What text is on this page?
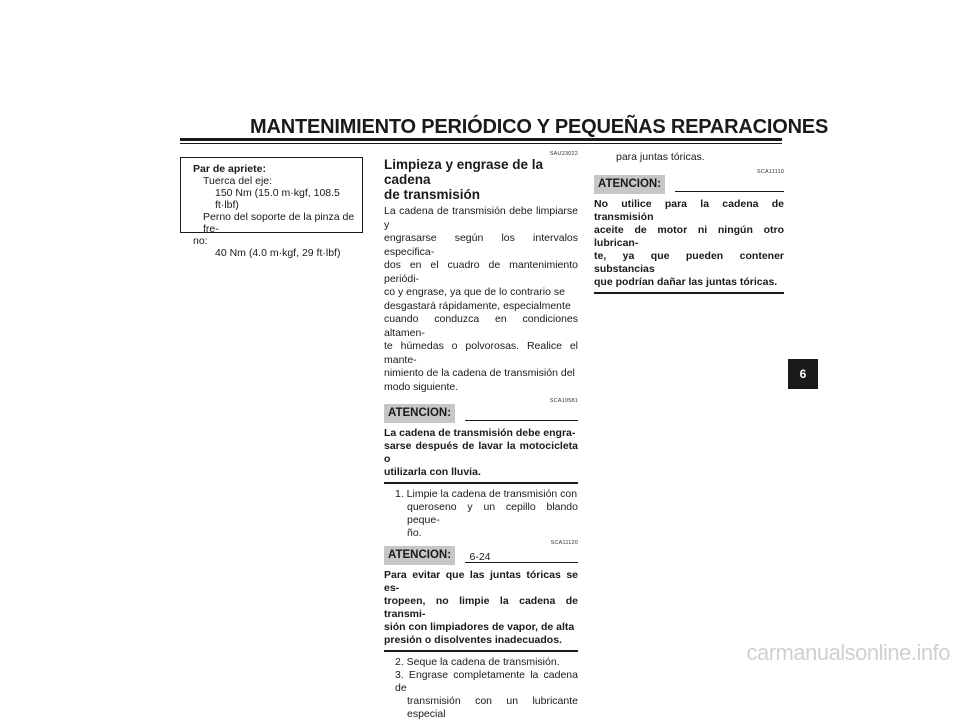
MANTENIMIENTO PERIÓDICO Y PEQUEÑAS REPARACIONES
Par de apriete:
Tuerca del eje:
150 Nm (15.0 m·kgf, 108.5 ft·lbf)
Perno del soporte de la pinza de fre-
no:
40 Nm (4.0 m·kgf, 29 ft·lbf)
SAU23022
Limpieza y engrase de la cadena
de transmisión
La cadena de transmisión debe limpiarse y
engrasarse según los intervalos especifica-
dos en el cuadro de mantenimiento periódi-
co y engrase, ya que de lo contrario se
desgastará rápidamente, especialmente
cuando conduzca en condiciones altamen-
te húmedas o polvorosas. Realice el mante-
nimiento de la cadena de transmisión del
modo siguiente.
SCA10581
ATENCION:
La cadena de transmisión debe engra-
sarse después de lavar la motocicleta o
utilizarla con lluvia.
1. Limpie la cadena de transmisión con
queroseno y un cepillo blando peque-
ño.
SCA11120
ATENCION:
Para evitar que las juntas tóricas se es-
tropeen, no limpie la cadena de transmi-
sión con limpiadores de vapor, de alta
presión o disolventes inadecuados.
2. Seque la cadena de transmisión.
3. Engrase completamente la cadena de
transmisión con un lubricante especial
para juntas tóricas.
SCA11110
ATENCION:
No utilice para la cadena de transmisión
aceite de motor ni ningún otro lubrican-
te, ya que pueden contener substancias
que podrían dañar las juntas tóricas.
6
6-24
carmanualsonline.info
